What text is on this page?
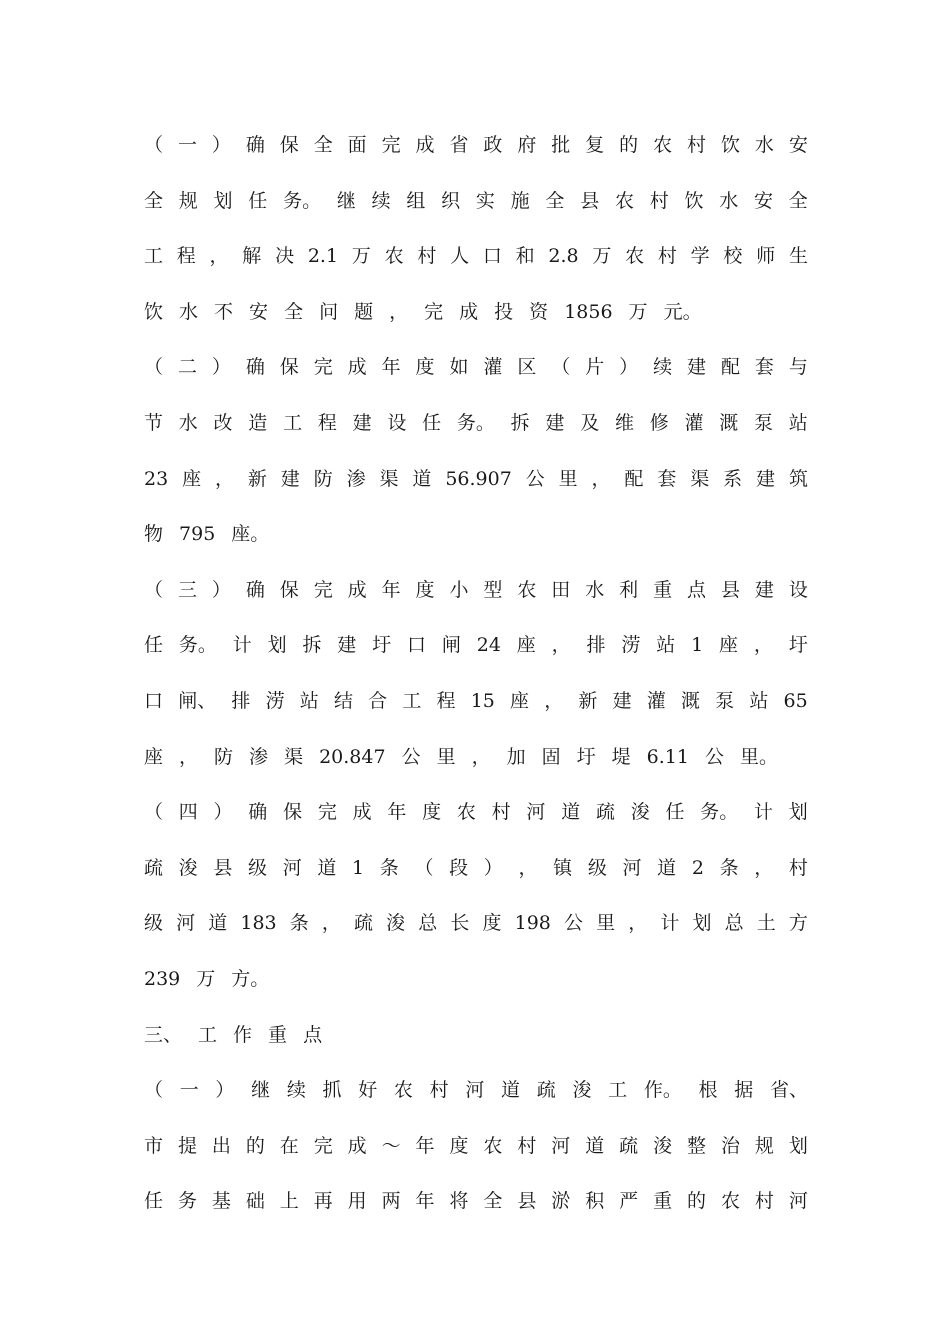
（ 一 ） 确 保 全 面 完 成 省 政 府 批 复 的 农 村 饮 水 安
全 规 划 任 务。 继 续 组 织 实 施 全 县 农 村 饮 水 安 全
工 程 ， 解 决 2.1 万 农 村 人 口 和 2.8 万 农 村 学 校 师 生
饮 水 不 安 全 问 题 ， 完 成 投 资 1856 万 元。
（ 二 ） 确 保 完 成 年 度 如 灌 区 （ 片 ） 续 建 配 套 与
节 水 改 造 工 程 建 设 任 务。 拆 建 及 维 修 灌 溉 泵 站
23 座 ， 新 建 防 渗 渠 道 56.907 公 里 ， 配 套 渠 系 建 筑
物 795 座。
（ 三 ） 确 保 完 成 年 度 小 型 农 田 水 利 重 点 县 建 设
任 务。 计 划 拆 建 圩 口 闸 24 座 ， 排 涝 站 1 座 ， 圩
口 闸、 排 涝 站 结 合 工 程 15 座 ， 新 建 灌 溉 泵 站 65
座 ， 防 渗 渠 20.847 公 里 ， 加 固 圩 堤 6.11 公 里。
（ 四 ） 确 保 完 成 年 度 农 村 河 道 疏 浚 任 务。 计 划
疏 浚 县 级 河 道 1 条 （ 段 ） ， 镇 级 河 道 2 条 ， 村
级 河 道 183 条 ， 疏 浚 总 长 度 198 公 里 ， 计 划 总 土 方
239 万 方。
三、 工 作 重 点
（ 一 ） 继 续 抓 好 农 村 河 道 疏 浚 工 作。 根 据 省、
市 提 出 的 在 完 成 ～ 年 度 农 村 河 道 疏 浚 整 治 规 划
任 务 基 础 上 再 用 两 年 将 全 县 淤 积 严 重 的 农 村 河
